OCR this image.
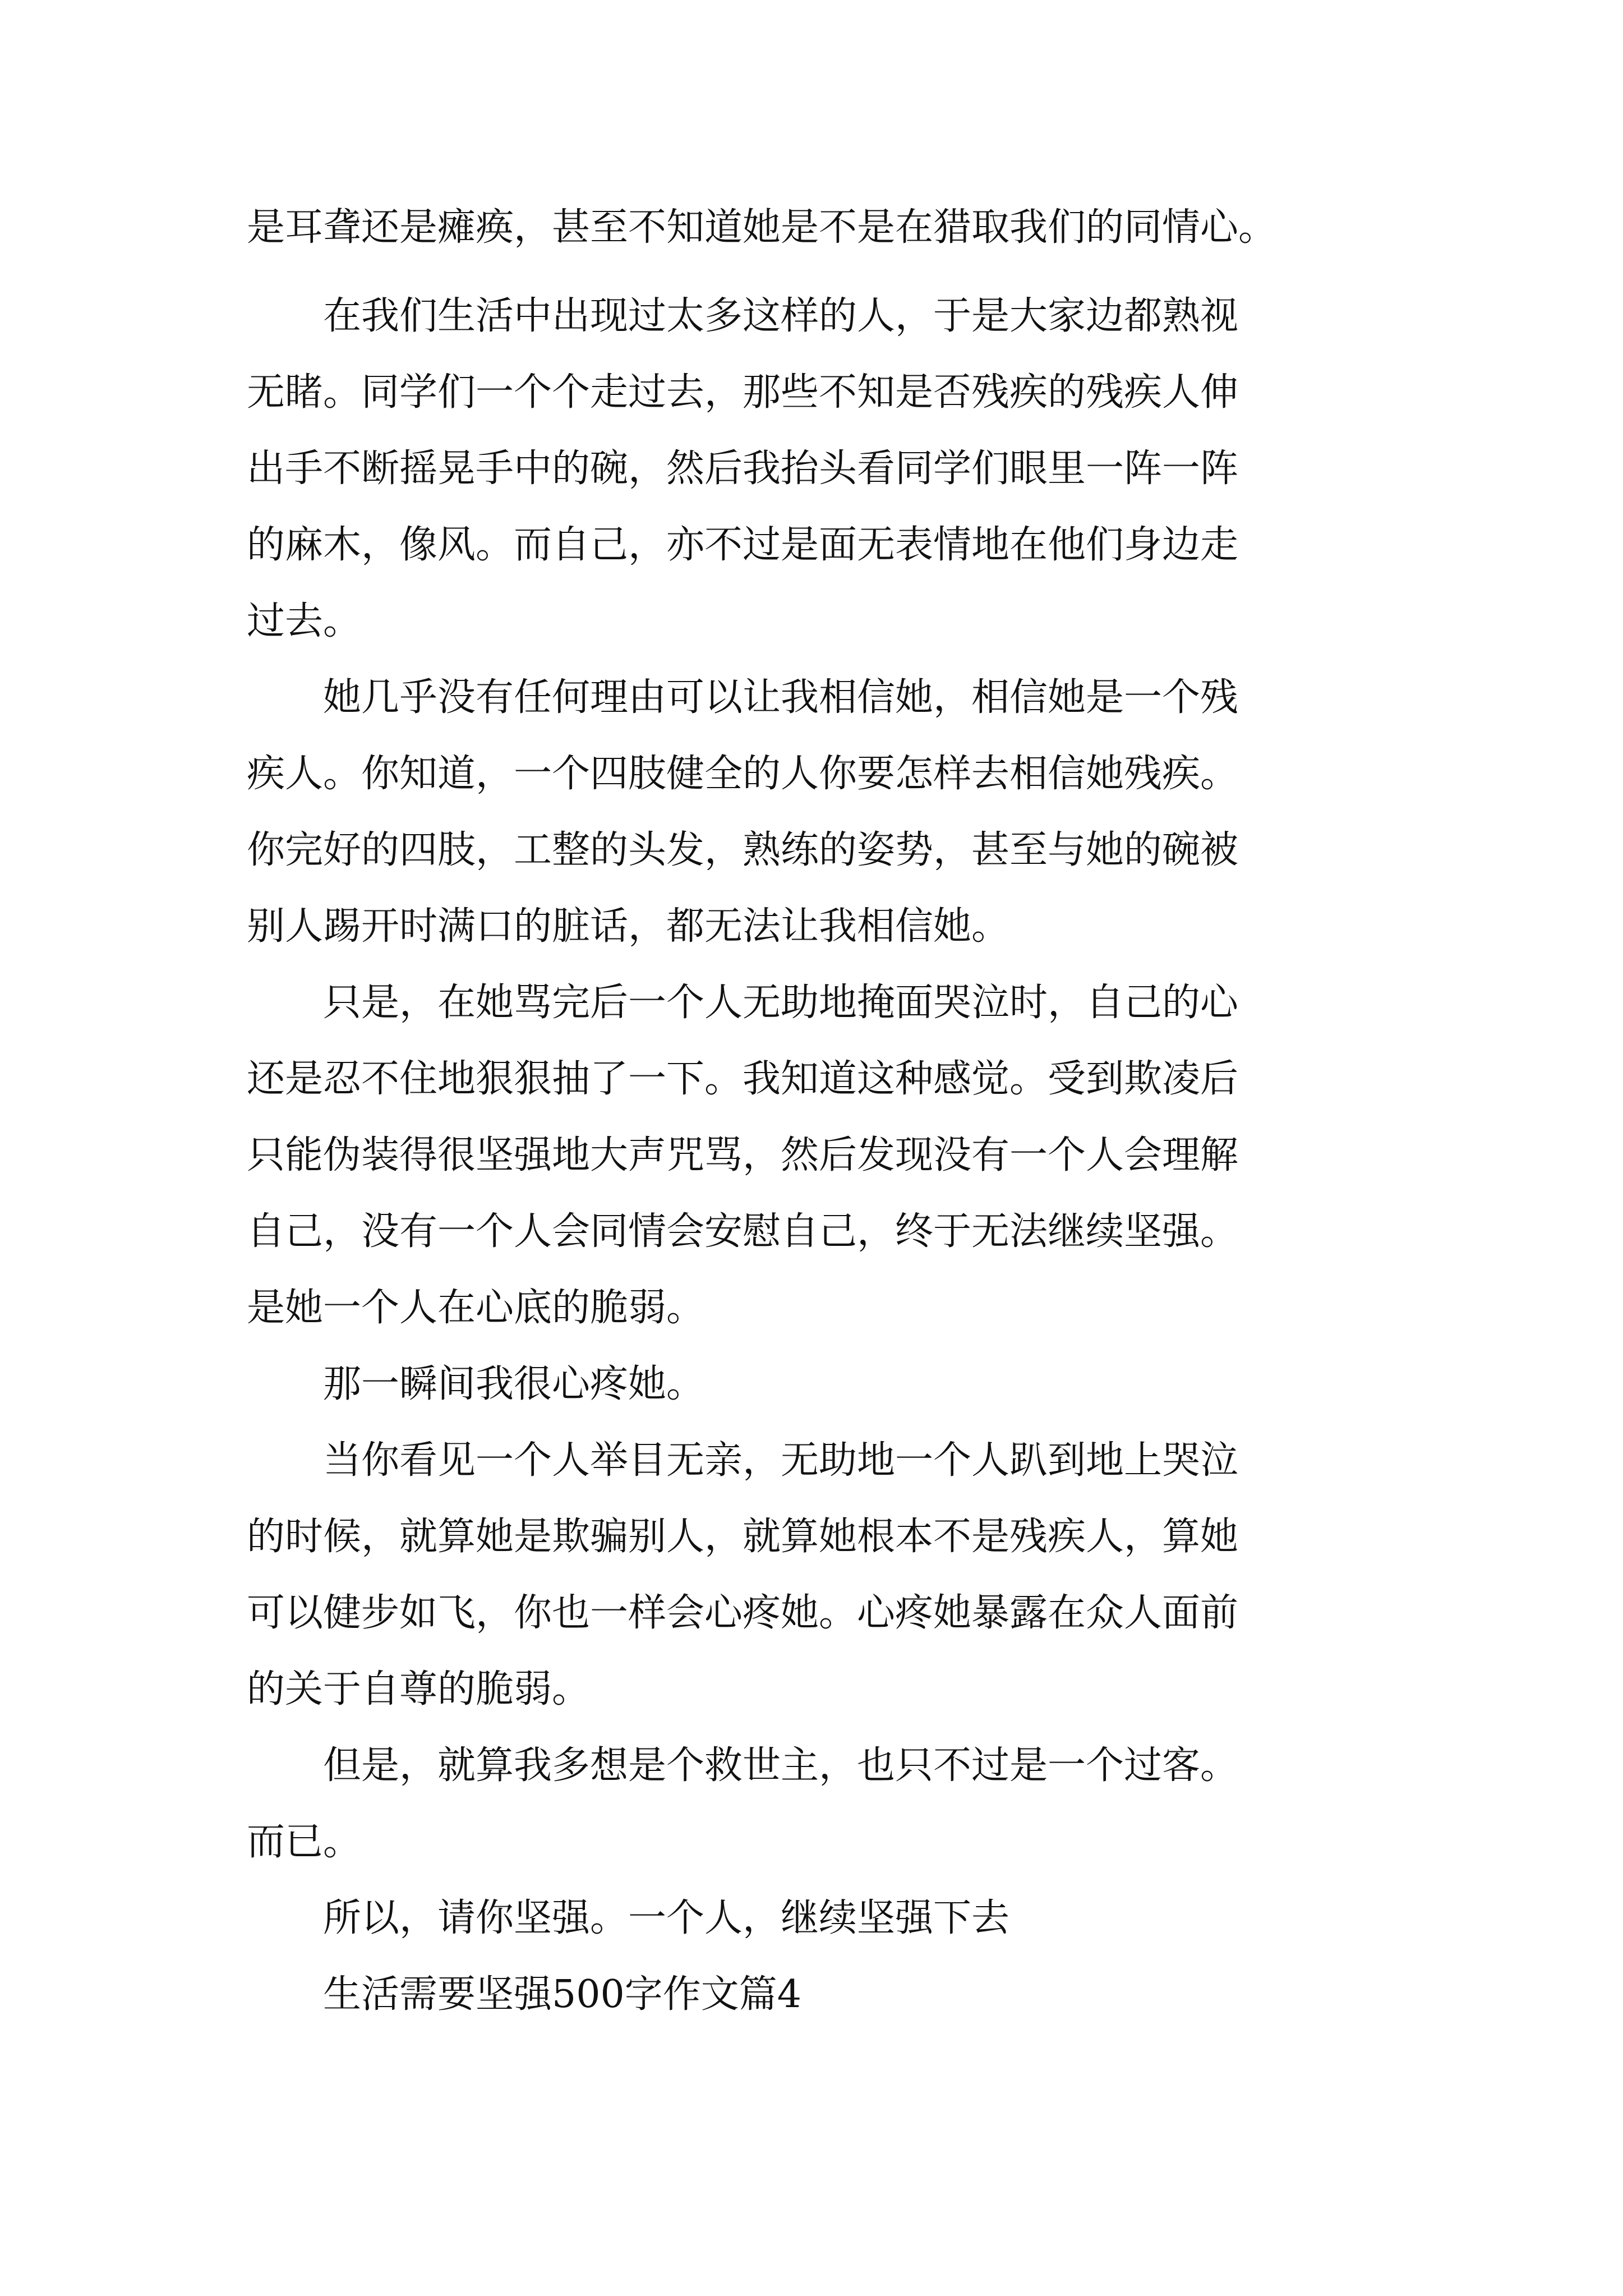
是耳聋还是瘫痪，甚至不知道她是不是在猎取我们的同情心。
　　在我们生活中出现过太多这样的人，于是大家边都熟视
无睹。同学们一个个走过去，那些不知是否残疾的残疾人伸
出手不断摇晃手中的碗，然后我抬头看同学们眼里一阵一阵
的麻木，像风。而自己，亦不过是面无表情地在他们身边走
过去。
　　她几乎没有任何理由可以让我相信她，相信她是一个残
疾人。你知道，一个四肢健全的人你要怎样去相信她残疾。
你完好的四肢，工整的头发，熟练的姿势，甚至与她的碗被
别人踢开时满口的脏话，都无法让我相信她。
　　只是，在她骂完后一个人无助地掩面哭泣时，自己的心
还是忍不住地狠狠抽了一下。我知道这种感觉。受到欺凌后
只能伪装得很坚强地大声咒骂，然后发现没有一个人会理解
自己，没有一个人会同情会安慰自己，终于无法继续坚强。
是她一个人在心底的脆弱。
　　那一瞬间我很心疼她。
　　当你看见一个人举目无亲，无助地一个人趴到地上哭泣
的时候，就算她是欺骗别人，就算她根本不是残疾人，算她
可以健步如飞，你也一样会心疼她。心疼她暴露在众人面前
的关于自尊的脆弱。
　　但是，就算我多想是个救世主，也只不过是一个过客。
而已。
　　所以，请你坚强。一个人，继续坚强下去
　　生活需要坚强500字作文篇4
